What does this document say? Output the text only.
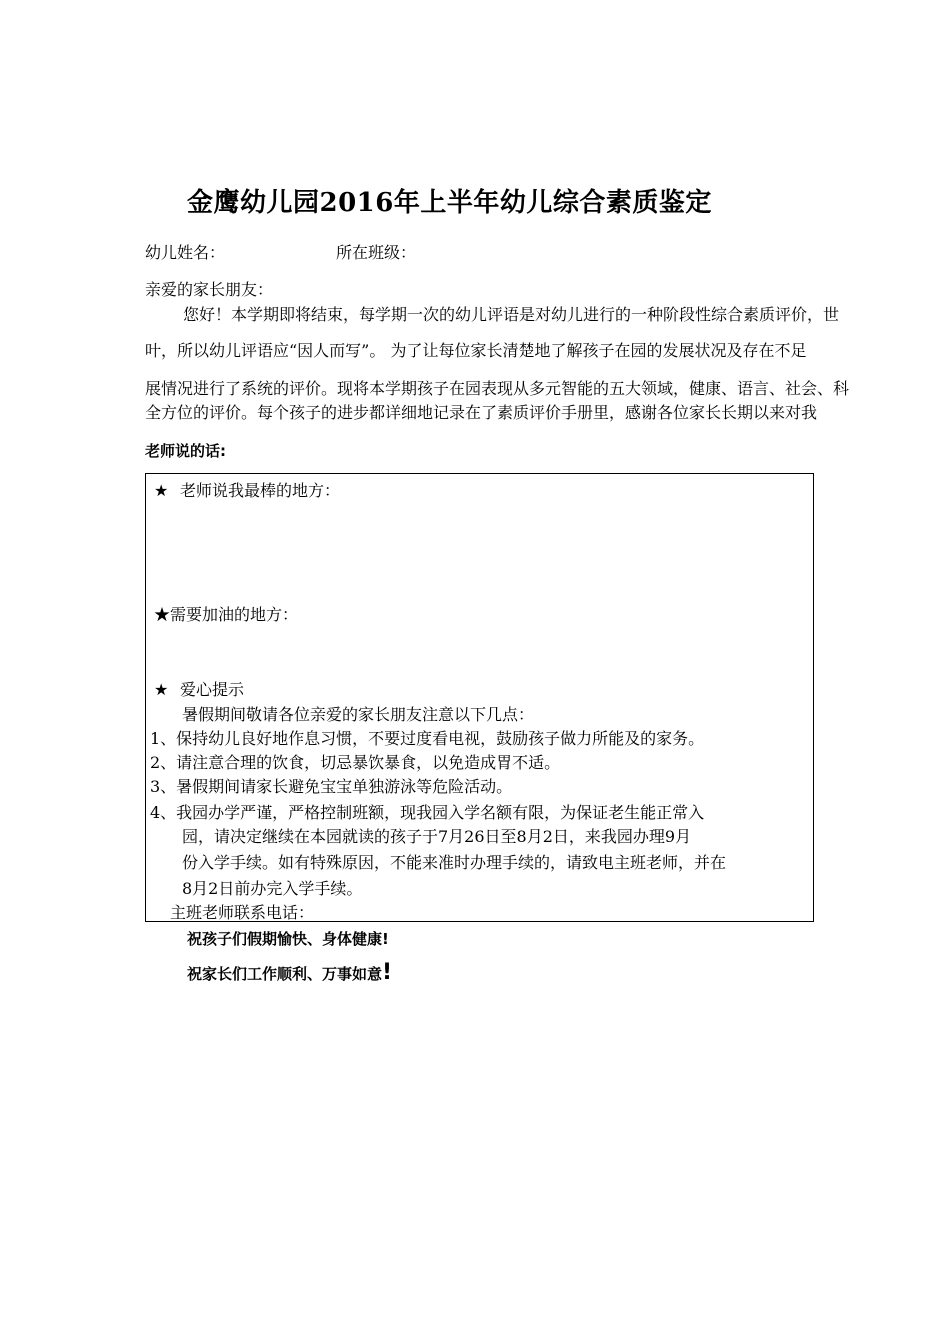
金鹰幼儿园2016年上半年幼儿综合素质鉴定
幼儿姓名：	所在班级：
亲爱的家长朋友：
您好！本学期即将结束，每学期一次的幼儿评语是对幼儿进行的一种阶段性综合素质评价，世
叶，所以幼儿评语应“因人而写”。 为了让每位家长清楚地了解孩子在园的发展状况及存在不足
展情况进行了系统的评价。现将本学期孩子在园表现从多元智能的五大领域，健康、语言、社会、科
全方位的评价。每个孩子的进步都详细地记录在了素质评价手册里，感谢各位家长长期以来对我
老师说的话:
★ 老师说我最棒的地方：
★需要加油的地方：
★ 爱心提示
暑假期间敬请各位亲爱的家长朋友注意以下几点：
1、保持幼儿良好地作息习惯，不要过度看电视，鼓励孩子做力所能及的家务。
2、请注意合理的饮食，切忌暴饮暴食，以免造成胃不适。
3、暑假期间请家长避免宝宝单独游泳等危险活动。
4、我园办学严谨，严格控制班额，现我园入学名额有限，为保证老生能正常入
园，请决定继续在本园就读的孩子于7月26日至8月2日，来我园办理9月
份入学手续。如有特殊原因，不能来准时办理手续的，请致电主班老师，并在
8月2日前办完入学手续。
主班老师联系电话：
祝孩子们假期愉快、身体健康!
祝家长们工作顺利、万事如意!
